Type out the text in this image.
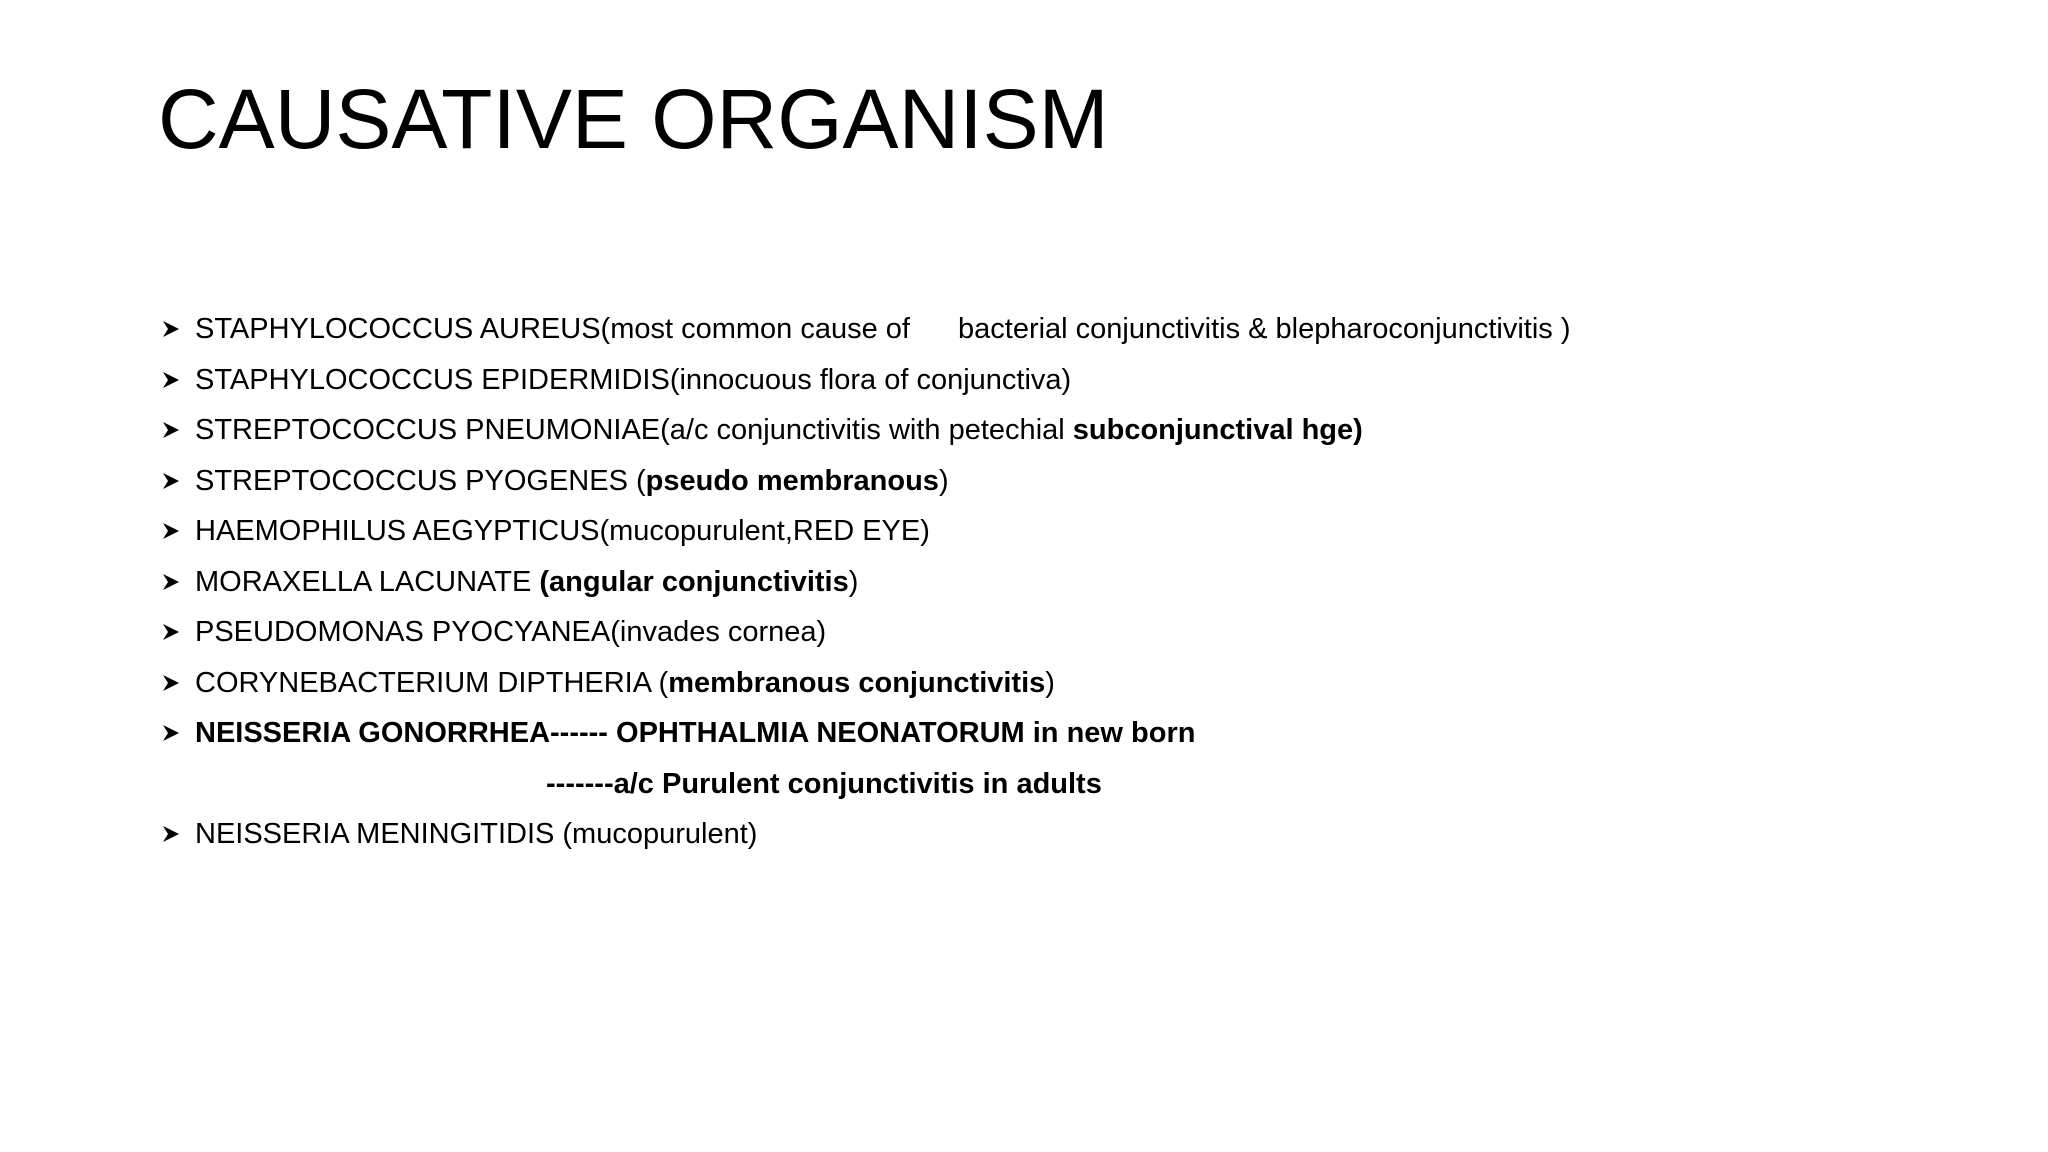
CAUSATIVE ORGANISM
STAPHYLOCOCCUS AUREUS(most common cause of bacterial conjunctivitis & blepharoconjunctivitis )
STAPHYLOCOCCUS EPIDERMIDIS(innocuous flora of conjunctiva)
STREPTOCOCCUS PNEUMONIAE(a/c conjunctivitis with petechial subconjunctival hge)
STREPTOCOCCUS PYOGENES (pseudo membranous)
HAEMOPHILUS AEGYPTICUS(mucopurulent,RED EYE)
MORAXELLA LACUNATE (angular conjunctivitis)
PSEUDOMONAS PYOCYANEA(invades cornea)
CORYNEBACTERIUM DIPTHERIA (membranous conjunctivitis)
NEISSERIA GONORRHEA------ OPHTHALMIA NEONATORUM in new born
-------a/c Purulent conjunctivitis in adults
NEISSERIA MENINGITIDIS (mucopurulent)
